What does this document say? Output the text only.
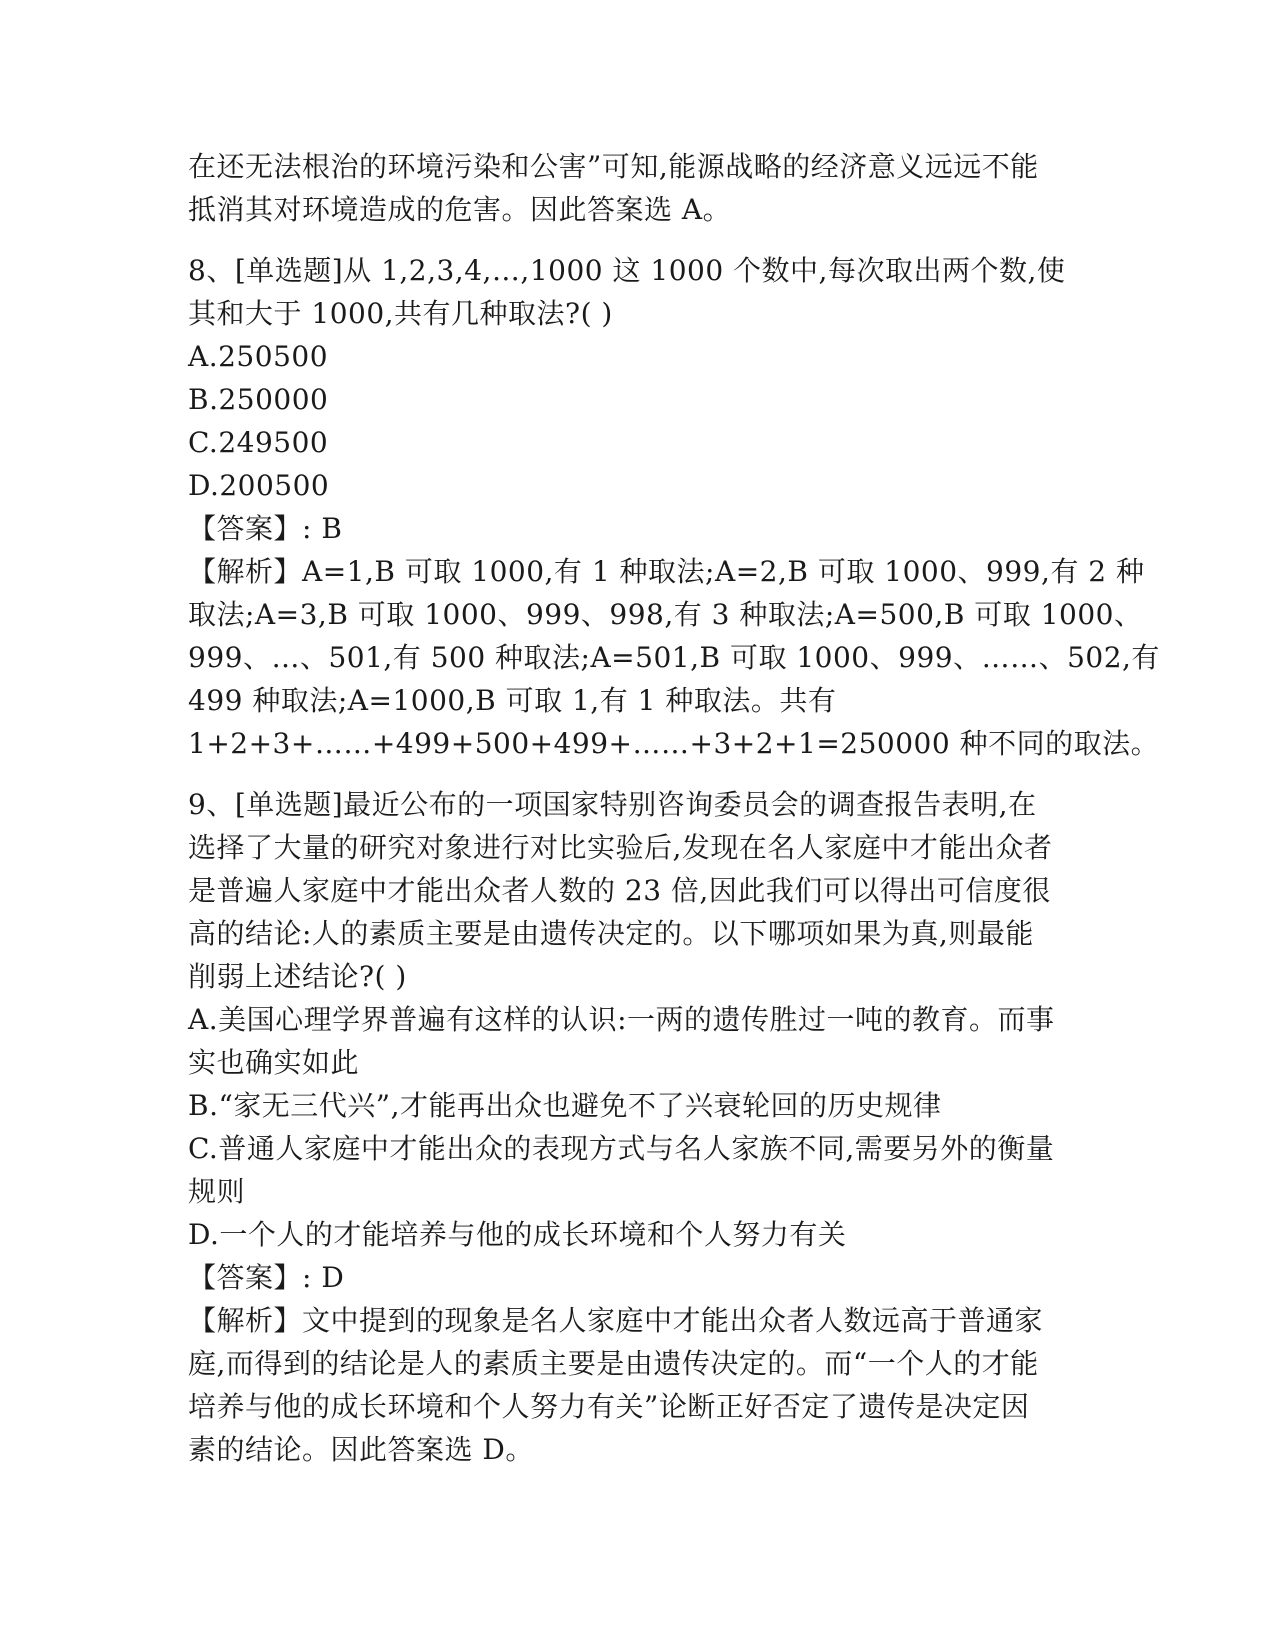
在还无法根治的环境污染和公害”可知,能源战略的经济意义远远不能
抵消其对环境造成的危害。因此答案选 A。
8、[单选题]从 1,2,3,4,…,1000 这 1000 个数中,每次取出两个数,使
其和大于 1000,共有几种取法?( )
A.250500
B.250000
C.249500
D.200500
【答案】: B
【解析】A=1,B 可取 1000,有 1 种取法;A=2,B 可取 1000、999,有 2 种
取法;A=3,B 可取 1000、999、998,有 3 种取法;A=500,B 可取 1000、
999、…、501,有 500 种取法;A=501,B 可取 1000、999、……、502,有
499 种取法;A=1000,B 可取 1,有 1 种取法。共有
1+2+3+……+499+500+499+……+3+2+1=250000 种不同的取法。
9、[单选题]最近公布的一项国家特别咨询委员会的调查报告表明,在
选择了大量的研究对象进行对比实验后,发现在名人家庭中才能出众者
是普遍人家庭中才能出众者人数的 23 倍,因此我们可以得出可信度很
高的结论:人的素质主要是由遗传决定的。以下哪项如果为真,则最能
削弱上述结论?( )
A.美国心理学界普遍有这样的认识:一两的遗传胜过一吨的教育。而事
实也确实如此
B.“家无三代兴”,才能再出众也避免不了兴衰轮回的历史规律
C.普通人家庭中才能出众的表现方式与名人家族不同,需要另外的衡量
规则
D.一个人的才能培养与他的成长环境和个人努力有关
【答案】: D
【解析】文中提到的现象是名人家庭中才能出众者人数远高于普通家
庭,而得到的结论是人的素质主要是由遗传决定的。而“一个人的才能
培养与他的成长环境和个人努力有关”论断正好否定了遗传是决定因
素的结论。因此答案选 D。
